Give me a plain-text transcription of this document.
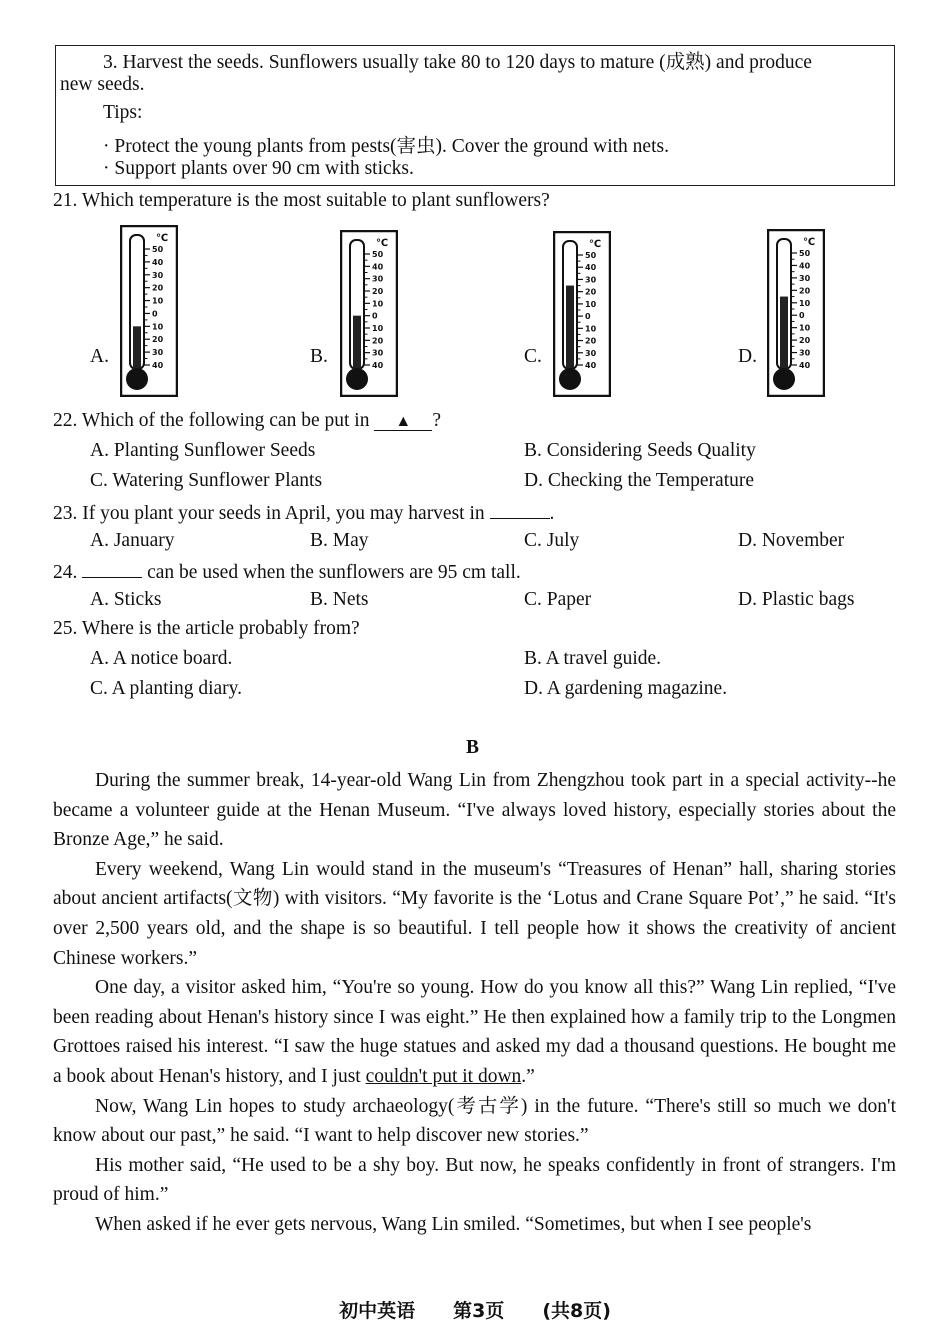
3. Harvest the seeds. Sunflowers usually take 80 to 120 days to mature (成熟) and produce
new seeds.
Tips:
· Protect the young plants from pests(害虫). Cover the ground with nets.
· Support plants over 90 cm with sticks.
21. Which temperature is the most suitable to plant sunflowers?
A.	B.	C.	D.
50
40
30
20
10
0
10
20
30
40
℃
50
40
30
20
10
0
10
20
30
40
℃
50
40
30
20
10
0
10
20
30
40
℃
50
40
30
20
10
0
10
20
30
40
℃
22. Which of the following can be put in ▲ ?
A. Planting Sunflower Seeds	B. Considering Seeds Quality
C. Watering Sunflower Plants	D. Checking the Temperature
23. If you plant your seeds in April, you may harvest in	.
A. January	B. May	C. July	D. November
24.	can be used when the sunflowers are 95 cm tall.
A. Sticks	B. Nets	C. Paper	D. Plastic bags
25. Where is the article probably from?
A. A notice board.	B. A travel guide.
C. A planting diary.	D. A gardening magazine.
B

During the summer break, 14-year-old Wang Lin from Zhengzhou took part in a special activity--he became a volunteer guide at the Henan Museum. “I've always loved history, especially stories about the Bronze Age,” he said.

Every weekend, Wang Lin would stand in the museum's “Treasures of Henan” hall, sharing stories about ancient artifacts(文物) with visitors. “My favorite is the ‘Lotus and Crane Square Pot’,” he said. “It's over 2,500 years old, and the shape is so beautiful. I tell people how it shows the creativity of ancient Chinese workers.”

One day, a visitor asked him, “You're so young. How do you know all this?” Wang Lin replied, “I've been reading about Henan's history since I was eight.” He then explained how a family trip to the Longmen Grottoes raised his interest. “I saw the huge statues and asked my dad a thousand questions. He bought me a book about Henan's history, and I just couldn't put it down.”

Now, Wang Lin hopes to study archaeology(考古学) in the future. “There's still so much we don't know about our past,” he said. “I want to help discover new stories.”

His mother said, “He used to be a shy boy. But now, he speaks confidently in front of strangers. I'm proud of him.”

When asked if he ever gets nervous, Wang Lin smiled. “Sometimes, but when I see people's

初中英语　　第3页　　(共8页)
